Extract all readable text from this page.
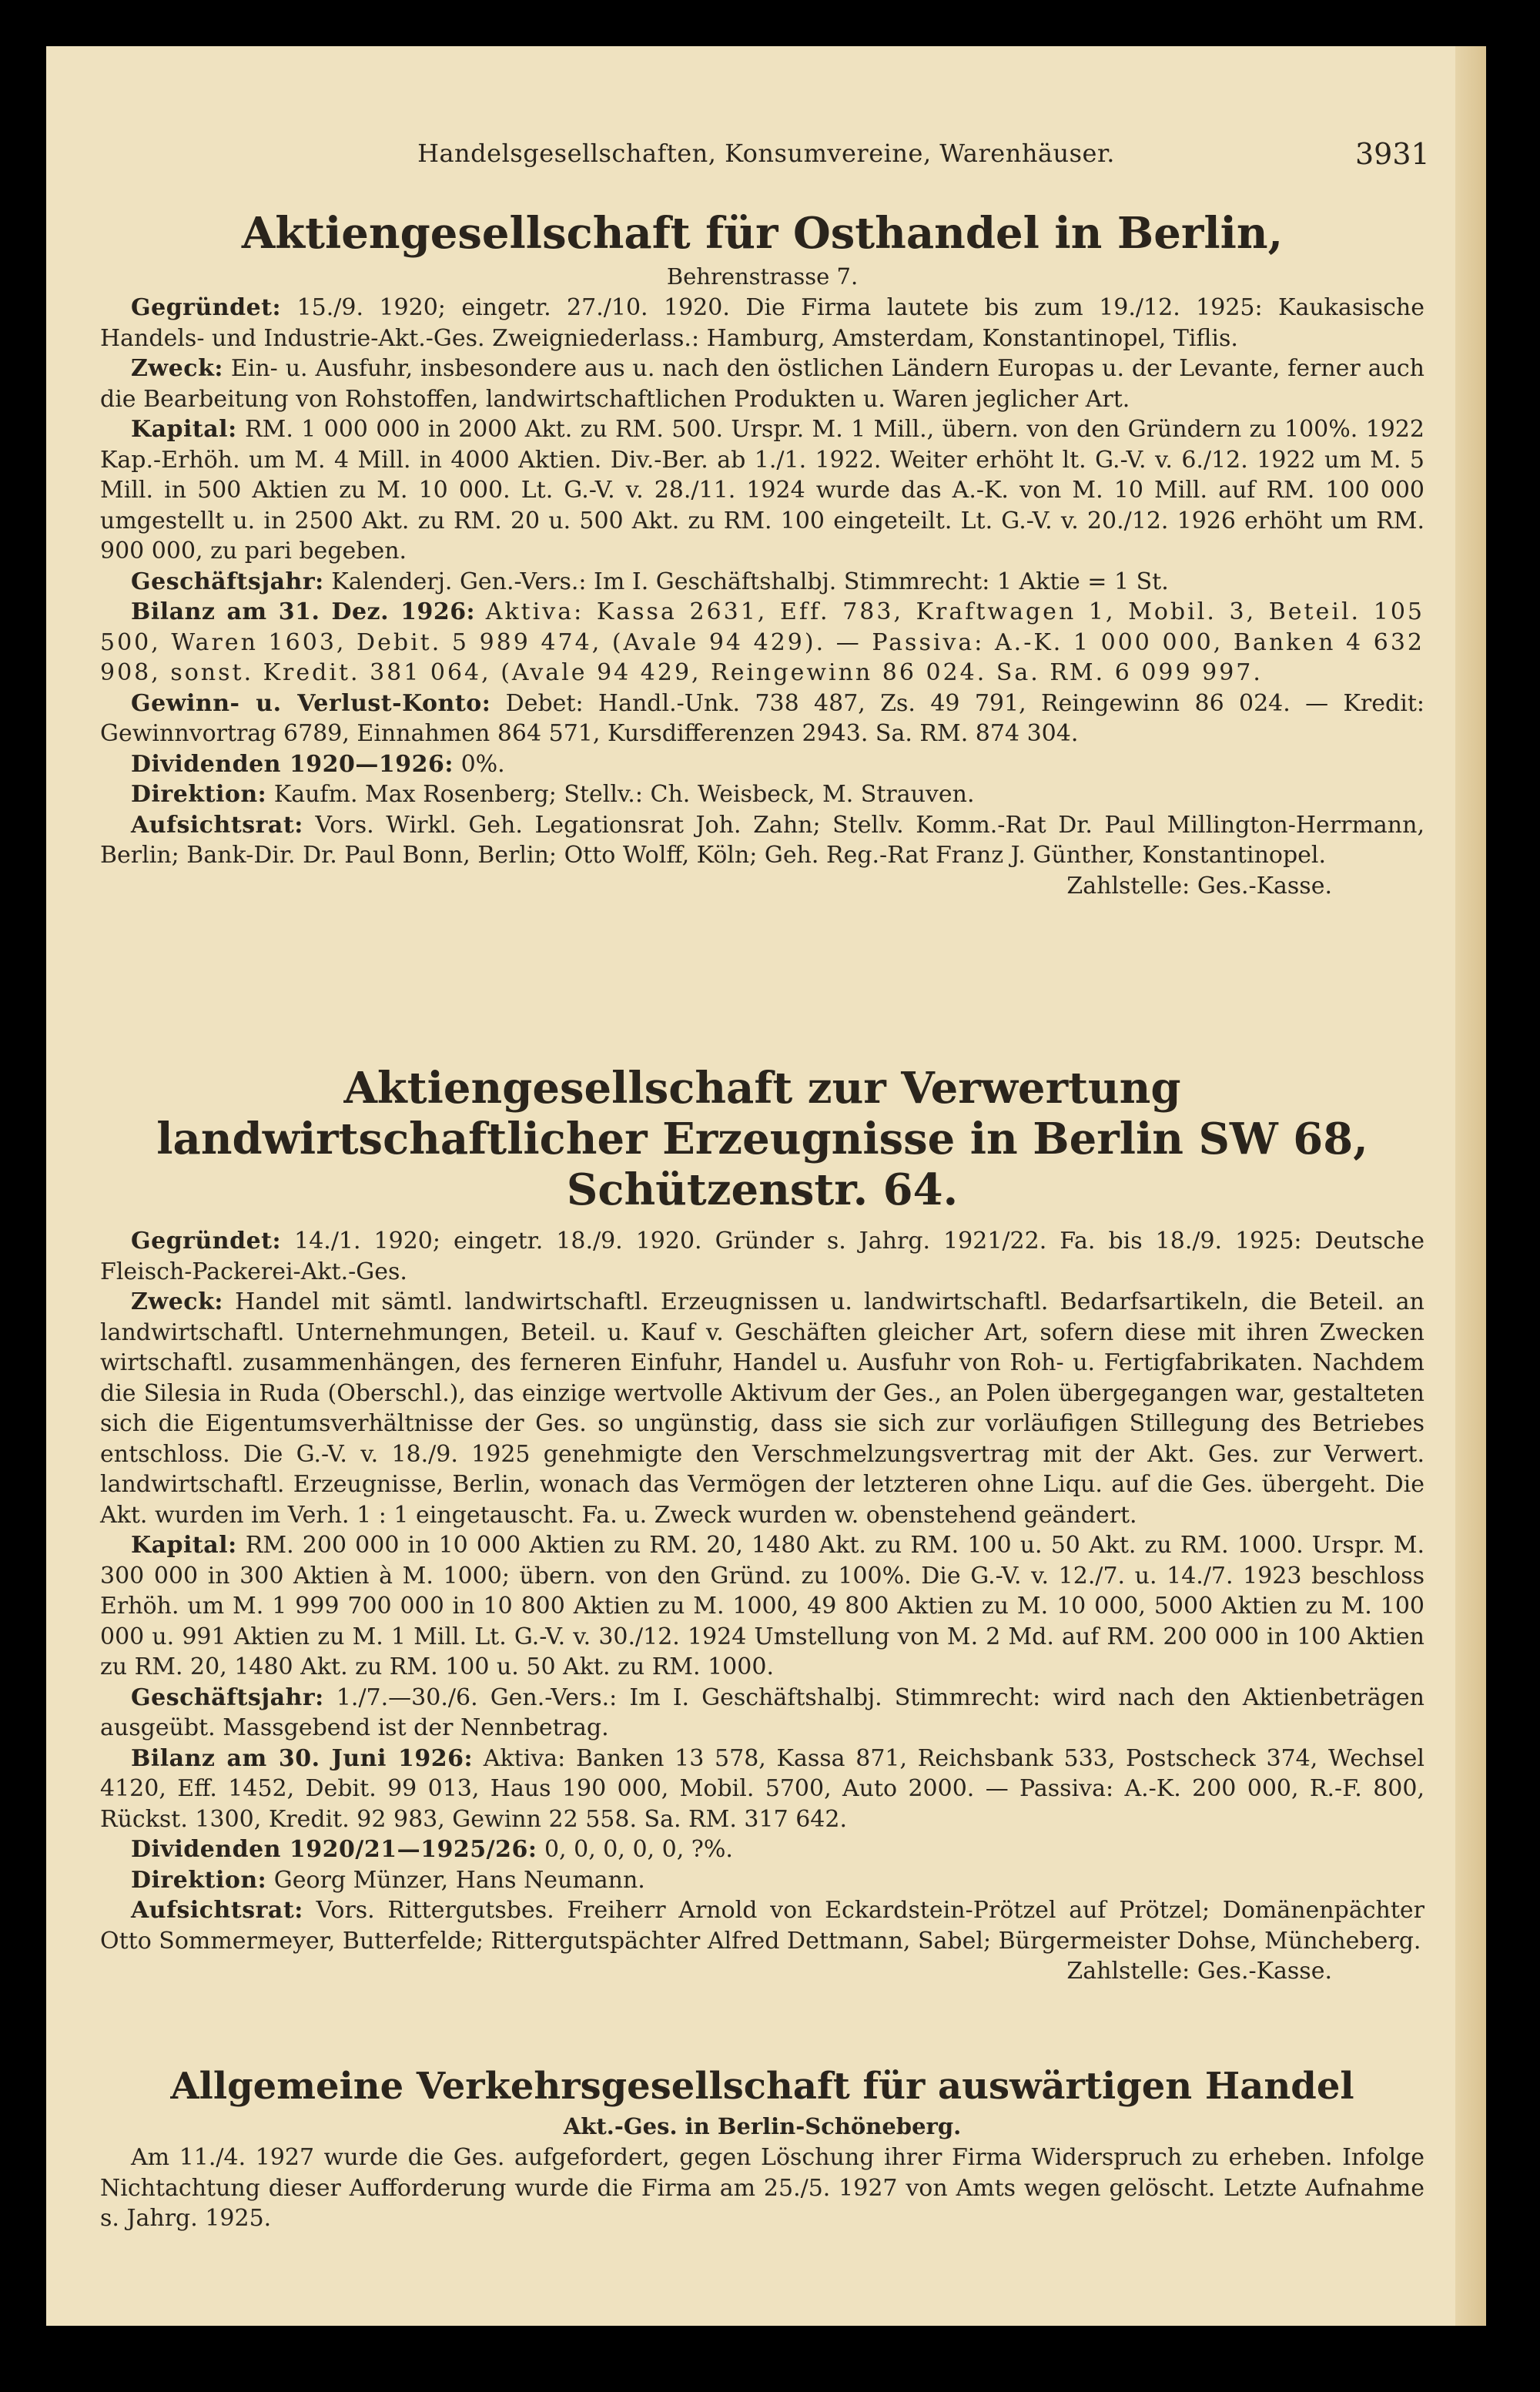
Handelsgesellschaften, Konsumvereine, Warenhäuser.	3931
Aktiengesellschaft für Osthandel in Berlin,
Behrenstrasse 7.

Gegründet: 15./9. 1920; eingetr. 27./10. 1920. Die Firma lautete bis zum 19./12. 1925: Kaukasische Handels- und Industrie-Akt.-Ges. Zweigniederlass.: Hamburg, Amsterdam, Konstantinopel, Tiflis.

Zweck: Ein- u. Ausfuhr, insbesondere aus u. nach den östlichen Ländern Europas u. der Levante, ferner auch die Bearbeitung von Rohstoffen, landwirtschaftlichen Produkten u. Waren jeglicher Art.

Kapital: RM. 1 000 000 in 2000 Akt. zu RM. 500. Urspr. M. 1 Mill., übern. von den Gründern zu 100%. 1922 Kap.-Erhöh. um M. 4 Mill. in 4000 Aktien. Div.-Ber. ab 1./1. 1922. Weiter erhöht lt. G.-V. v. 6./12. 1922 um M. 5 Mill. in 500 Aktien zu M. 10 000. Lt. G.-V. v. 28./11. 1924 wurde das A.-K. von M. 10 Mill. auf RM. 100 000 umgestellt u. in 2500 Akt. zu RM. 20 u. 500 Akt. zu RM. 100 eingeteilt. Lt. G.-V. v. 20./12. 1926 erhöht um RM. 900 000, zu pari begeben.

Geschäftsjahr: Kalenderj. Gen.-Vers.: Im I. Geschäftshalbj. Stimmrecht: 1 Aktie = 1 St.

Bilanz am 31. Dez. 1926: Aktiva: Kassa 2631, Eff. 783, Kraftwagen 1, Mobil. 3, Beteil. 105 500, Waren 1603, Debit. 5 989 474, (Avale 94 429). — Passiva: A.-K. 1 000 000, Banken 4 632 908, sonst. Kredit. 381 064, (Avale 94 429, Reingewinn 86 024. Sa. RM. 6 099 997.

Gewinn- u. Verlust-Konto: Debet: Handl.-Unk. 738 487, Zs. 49 791, Reingewinn 86 024. — Kredit: Gewinnvortrag 6789, Einnahmen 864 571, Kursdifferenzen 2943. Sa. RM. 874 304.

Dividenden 1920—1926: 0%.

Direktion: Kaufm. Max Rosenberg; Stellv.: Ch. Weisbeck, M. Strauven.

Aufsichtsrat: Vors. Wirkl. Geh. Legationsrat Joh. Zahn; Stellv. Komm.-Rat Dr. Paul Millington-Herrmann, Berlin; Bank-Dir. Dr. Paul Bonn, Berlin; Otto Wolff, Köln; Geh. Reg.-Rat Franz J. Günther, Konstantinopel.

Zahlstelle: Ges.-Kasse.
Aktiengesellschaft zur Verwertung landwirtschaftlicher Erzeugnisse in Berlin SW 68, Schützenstr. 64.

Gegründet: 14./1. 1920; eingetr. 18./9. 1920. Gründer s. Jahrg. 1921/22. Fa. bis 18./9. 1925: Deutsche Fleisch-Packerei-Akt.-Ges.

Zweck: Handel mit sämtl. landwirtschaftl. Erzeugnissen u. landwirtschaftl. Bedarfsartikeln, die Beteil. an landwirtschaftl. Unternehmungen, Beteil. u. Kauf v. Geschäften gleicher Art, sofern diese mit ihren Zwecken wirtschaftl. zusammenhängen, des ferneren Einfuhr, Handel u. Ausfuhr von Roh- u. Fertigfabrikaten. Nachdem die Silesia in Ruda (Oberschl.), das einzige wertvolle Aktivum der Ges., an Polen übergegangen war, gestalteten sich die Eigentumsverhältnisse der Ges. so ungünstig, dass sie sich zur vorläufigen Stillegung des Betriebes entschloss. Die G.-V. v. 18./9. 1925 genehmigte den Verschmelzungsvertrag mit der Akt. Ges. zur Verwert. landwirtschaftl. Erzeugnisse, Berlin, wonach das Vermögen der letzteren ohne Liqu. auf die Ges. übergeht. Die Akt. wurden im Verh. 1 : 1 eingetauscht. Fa. u. Zweck wurden w. obenstehend geändert.

Kapital: RM. 200 000 in 10 000 Aktien zu RM. 20, 1480 Akt. zu RM. 100 u. 50 Akt. zu RM. 1000. Urspr. M. 300 000 in 300 Aktien à M. 1000; übern. von den Gründ. zu 100%. Die G.-V. v. 12./7. u. 14./7. 1923 beschloss Erhöh. um M. 1 999 700 000 in 10 800 Aktien zu M. 1000, 49 800 Aktien zu M. 10 000, 5000 Aktien zu M. 100 000 u. 991 Aktien zu M. 1 Mill. Lt. G.-V. v. 30./12. 1924 Umstellung von M. 2 Md. auf RM. 200 000 in 100 Aktien zu RM. 20, 1480 Akt. zu RM. 100 u. 50 Akt. zu RM. 1000.

Geschäftsjahr: 1./7.—30./6. Gen.-Vers.: Im I. Geschäftshalbj. Stimmrecht: wird nach den Aktienbeträgen ausgeübt. Massgebend ist der Nennbetrag.

Bilanz am 30. Juni 1926: Aktiva: Banken 13 578, Kassa 871, Reichsbank 533, Postscheck 374, Wechsel 4120, Eff. 1452, Debit. 99 013, Haus 190 000, Mobil. 5700, Auto 2000. — Passiva: A.-K. 200 000, R.-F. 800, Rückst. 1300, Kredit. 92 983, Gewinn 22 558. Sa. RM. 317 642.

Dividenden 1920/21—1925/26: 0, 0, 0, 0, 0, ?%.

Direktion: Georg Münzer, Hans Neumann.

Aufsichtsrat: Vors. Rittergutsbes. Freiherr Arnold von Eckardstein-Prötzel auf Prötzel; Domänenpächter Otto Sommermeyer, Butterfelde; Rittergutspächter Alfred Dettmann, Sabel; Bürgermeister Dohse, Müncheberg.

Zahlstelle: Ges.-Kasse.
Allgemeine Verkehrsgesellschaft für auswärtigen Handel
Akt.-Ges. in Berlin-Schöneberg.

Am 11./4. 1927 wurde die Ges. aufgefordert, gegen Löschung ihrer Firma Widerspruch zu erheben. Infolge Nichtachtung dieser Aufforderung wurde die Firma am 25./5. 1927 von Amts wegen gelöscht. Letzte Aufnahme s. Jahrg. 1925.
